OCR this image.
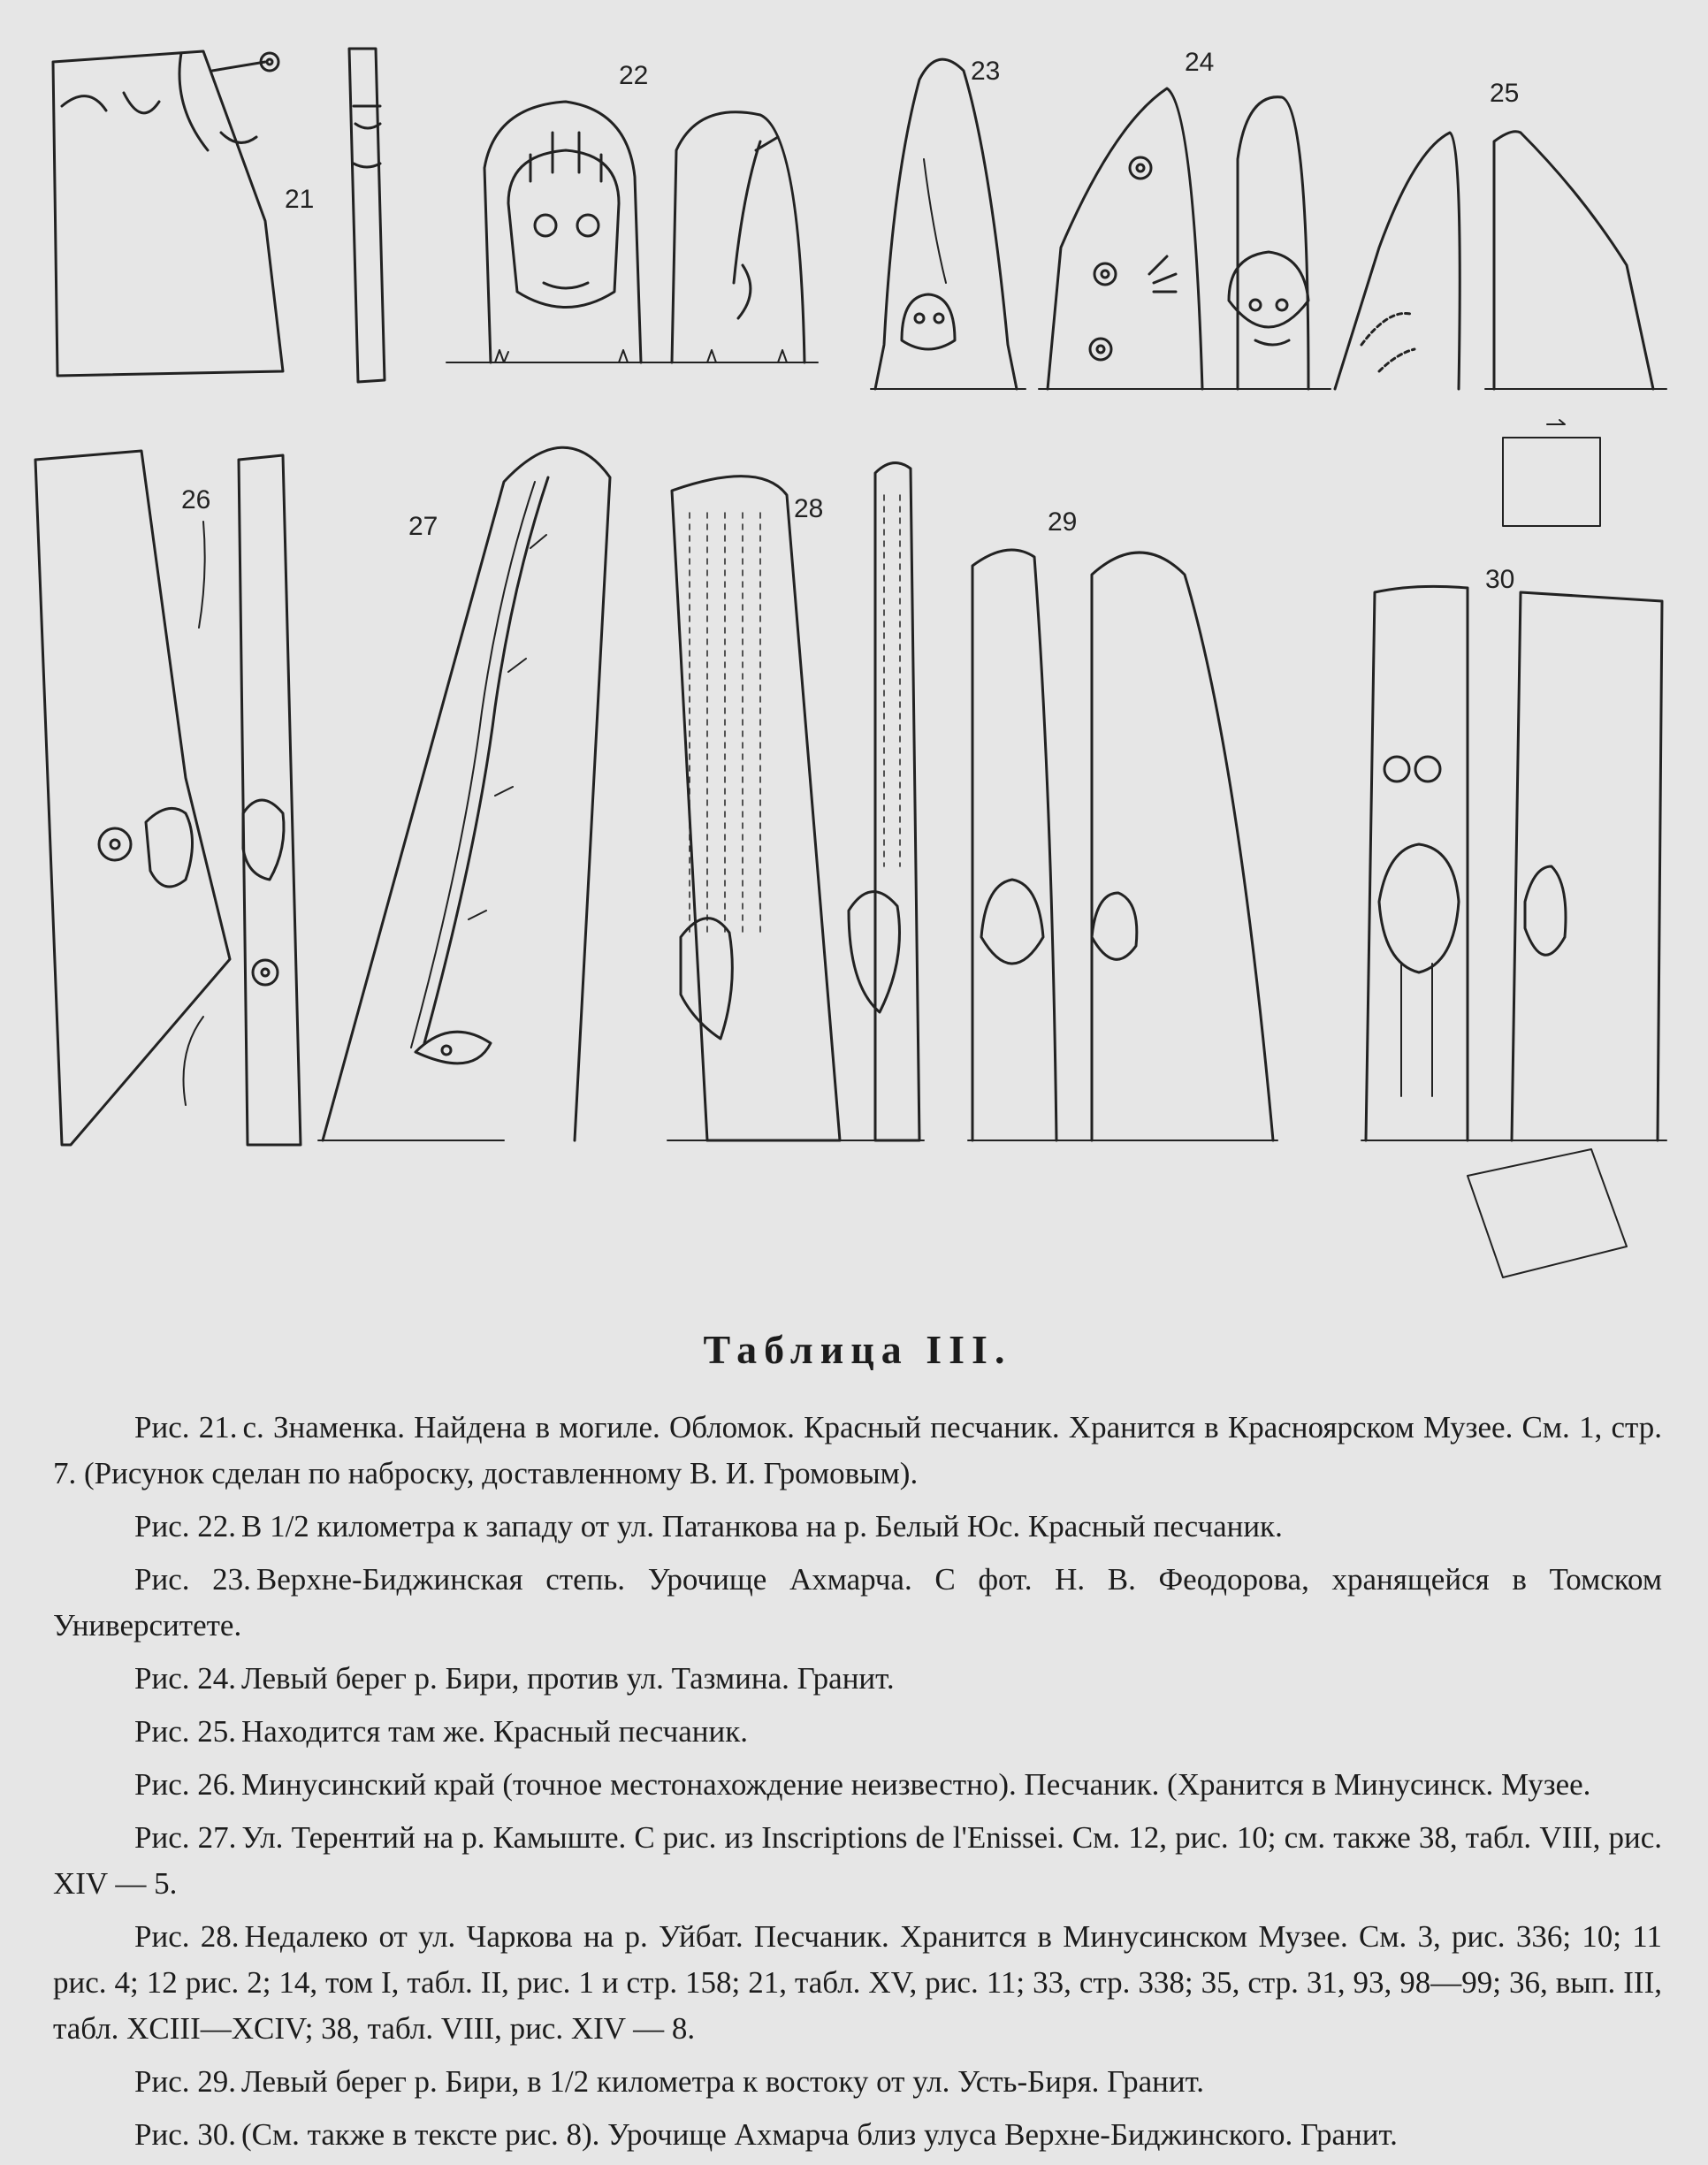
21
22	23	24
25
26
27
28	29
30
Таблица III.

Рис. 21. с. Знаменка. Найдена в могиле. Обломок. Красный песчаник. Хранится в Красноярском Музее. См. 1, стр. 7. (Рисунок сделан по наброску, доставленному В. И. Громовым).

Рис. 22. В 1/2 километра к западу от ул. Патанкова на р. Белый Юс. Красный песчаник.

Рис. 23. Верхне-Биджинская степь. Урочище Ахмарча. С фот. Н. В. Феодорова, хранящейся в Томском Университете.

Рис. 24. Левый берег р. Бири, против ул. Тазмина. Гранит.

Рис. 25. Находится там же. Красный песчаник.

Рис. 26. Минусинский край (точное местонахождение неизвестно). Песчаник. (Хранится в Минусинск. Музее.

Рис. 27. Ул. Терентий на р. Камыште. С рис. из Inscriptions de l'Enissei. См. 12, рис. 10; см. также 38, табл. VIII, рис. XIV — 5.

Рис. 28. Недалеко от ул. Чаркова на р. Уйбат. Песчаник. Хранится в Минусинском Музее. См. 3, рис. 336; 10; 11 рис. 4; 12 рис. 2; 14, том I, табл. II, рис. 1 и стр. 158; 21, табл. XV, рис. 11; 33, стр. 338; 35, стр. 31, 93, 98—99; 36, вып. III, табл. XCIII—XCIV; 38, табл. VIII, рис. XIV — 8.

Рис. 29. Левый берег р. Бири, в 1/2 километра к востоку от ул. Усть-Биря. Гранит.

Рис. 30. (См. также в тексте рис. 8). Урочище Ахмарча близ улуса Верхне-Биджинского. Гранит.
